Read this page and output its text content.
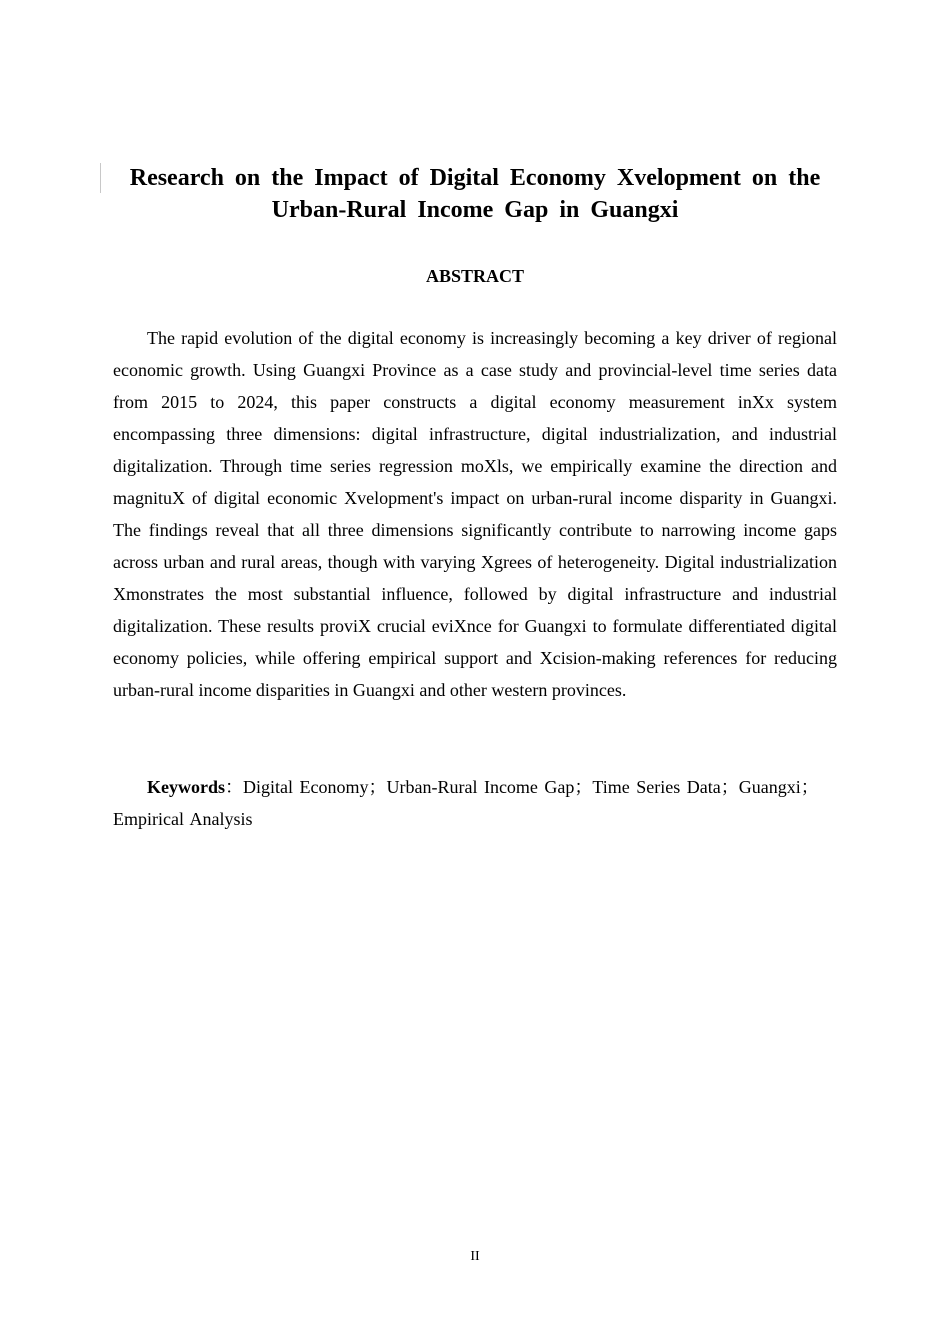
Research on the Impact of Digital Economy Xvelopment on the Urban-Rural Income Gap in Guangxi
ABSTRACT

The rapid evolution of the digital economy is increasingly becoming a key driver of regional economic growth. Using Guangxi Province as a case study and provincial-level time series data from 2015 to 2024, this paper constructs a digital economy measurement inXx system encompassing three dimensions: digital infrastructure, digital industrialization, and industrial digitalization. Through time series regression moXls, we empirically examine the direction and magnituX of digital economic Xvelopment's impact on urban-rural income disparity in Guangxi. The findings reveal that all three dimensions significantly contribute to narrowing income gaps across urban and rural areas, though with varying Xgrees of heterogeneity. Digital industrialization Xmonstrates the most substantial influence, followed by digital infrastructure and industrial digitalization. These results proviX crucial eviXnce for Guangxi to formulate differentiated digital economy policies, while offering empirical support and Xcision-making references for reducing urban-rural income disparities in Guangxi and other western provinces.

Keywords：Digital Economy；Urban-Rural Income Gap；Time Series Data；Guangxi；Empirical Analysis

II
